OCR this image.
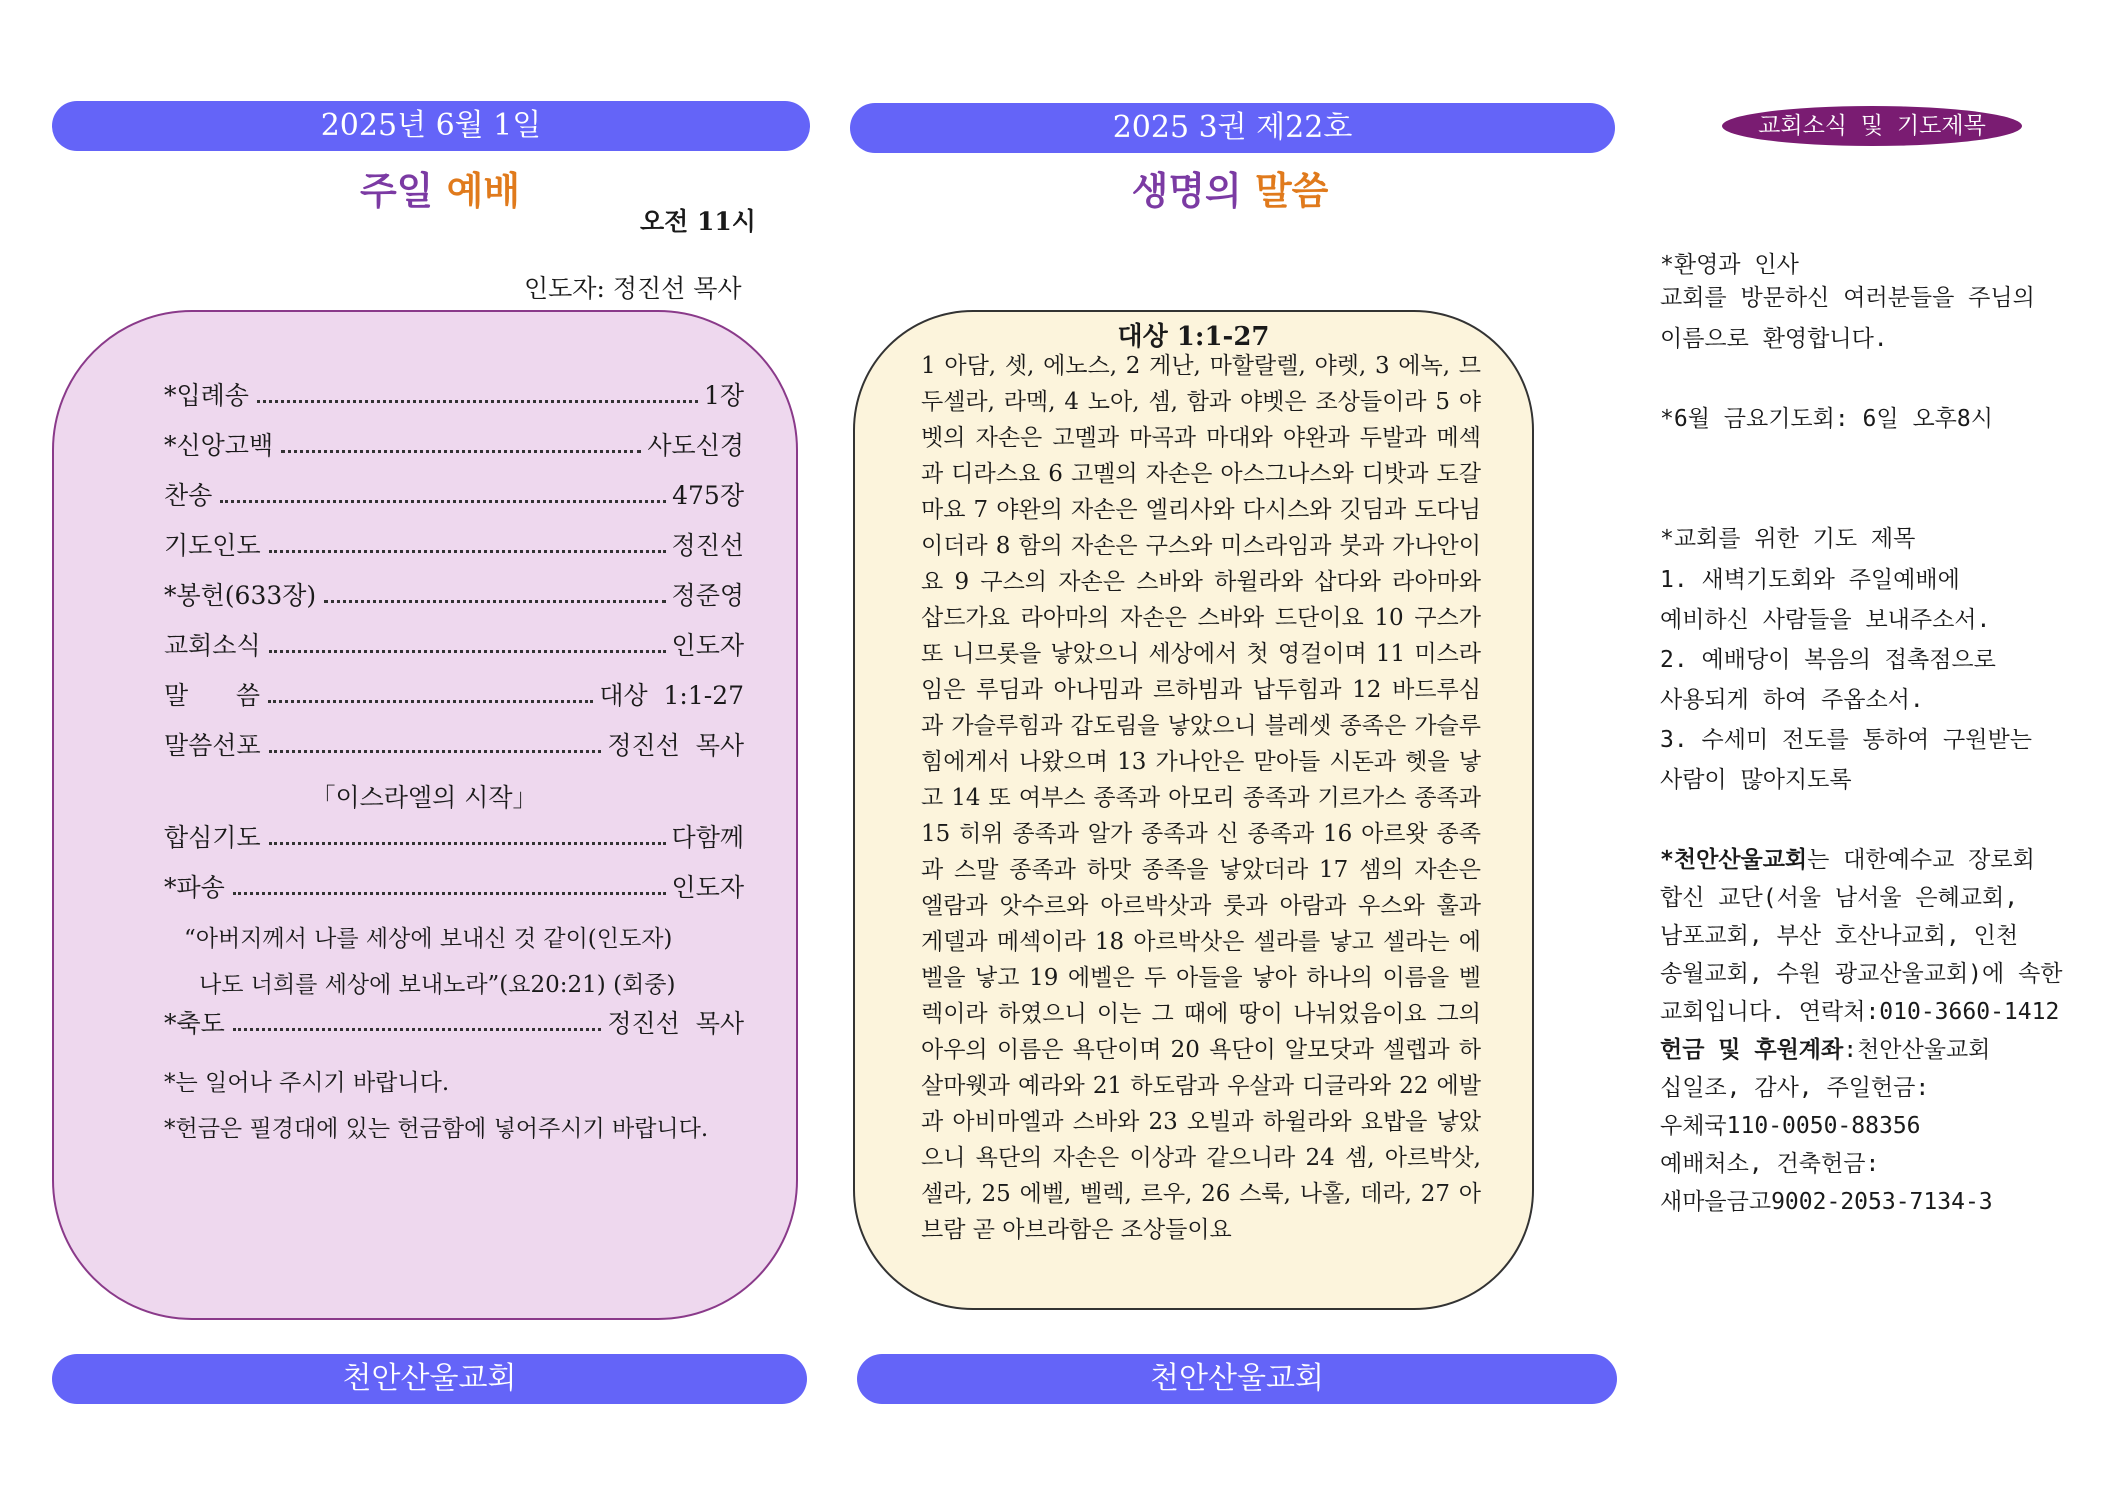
2025년 6월 1일
주일 예배
오전 11시
인도자: 정진선 목사
*입례송	1장
*신앙고백	사도신경
찬송	475장
기도인도	정진선
*봉헌(633장)	정준영
교회소식	인도자
말      씀	대상  1:1-27
말씀선포	정진선  목사
「이스라엘의 시작」
합심기도	다함께
*파송	인도자
“아버지께서 나를 세상에 보내신 것 같이(인도자)
나도 너희를 세상에 보내노라”(요20:21) (회중)
*축도	정진선  목사
*는 일어나 주시기 바랍니다.
*헌금은 필경대에 있는 헌금함에 넣어주시기 바랍니다.
천안산울교회
2025 3권 제22호
생명의 말씀
대상 1:1-27

1 아담, 셋, 에노스, 2 게난, 마할랄렐, 야렛, 3 에녹, 므두셀라, 라멕, 4 노아, 셈, 함과 야벳은 조상들이라 5 야벳의 자손은 고멜과 마곡과 마대와 야완과 두발과 메섹과 디라스요 6 고멜의 자손은 아스그나스와 디밧과 도갈마요 7 야완의 자손은 엘리사와 다시스와 깃딤과 도다님이더라 8 함의 자손은 구스와 미스라임과 붓과 가나안이요 9 구스의 자손은 스바와 하윌라와 삽다와 라아마와 삽드가요 라아마의 자손은 스바와 드단이요 10 구스가 또 니므롯을 낳았으니 세상에서 첫 영걸이며 11 미스라임은 루딤과 아나밈과 르하빔과 납두힘과 12 바드루심과 가슬루힘과 갑도림을 낳았으니 블레셋 종족은 가슬루힘에게서 나왔으며 13 가나안은 맏아들 시돈과 헷을 낳고 14 또 여부스 종족과 아모리 종족과 기르가스 종족과 15 히위 종족과 알가 종족과 신 종족과 16 아르왓 종족과 스말 종족과 하맛 종족을 낳았더라 17 셈의 자손은 엘람과 앗수르와 아르박삿과 룻과 아람과 우스와 훌과 게델과 메섹이라 18 아르박삿은 셀라를 낳고 셀라는 에벨을 낳고 19 에벨은 두 아들을 낳아 하나의 이름을 벨렉이라 하였으니 이는 그 때에 땅이 나뉘었음이요 그의 아우의 이름은 욕단이며 20 욕단이 알모닷과 셀렙과 하살마웻과 예라와 21 하도람과 우살과 디글라와 22 에발과 아비마엘과 스바와 23 오빌과 하윌라와 요밥을 낳았으니 욕단의 자손은 이상과 같으니라 24 셈, 아르박삿, 셀라, 25 에벨, 벨렉, 르우, 26 스룩, 나홀, 데라, 27 아브람 곧 아브라함은 조상들이요

천안산울교회
교회소식 및 기도제목
*환영과 인사
교회를 방문하신 여러분들을 주님의
이름으로 환영합니다.
*6월 금요기도회: 6일 오후8시
*교회를 위한 기도 제목
1. 새벽기도회와 주일예배에
예비하신 사람들을 보내주소서.
2. 예배당이 복음의 접촉점으로
사용되게 하여 주옵소서.
3. 수세미 전도를 통하여 구원받는
사람이 많아지도록
*천안산울교회는 대한예수교 장로회
합신 교단(서울 남서울 은혜교회,
남포교회, 부산 호산나교회, 인천
송월교회, 수원 광교산울교회)에 속한
교회입니다. 연락처:010-3660-1412
헌금 및 후원계좌:천안산울교회
십일조, 감사, 주일헌금:
우체국110-0050-88356
예배처소, 건축헌금:
새마을금고9002-2053-7134-3
